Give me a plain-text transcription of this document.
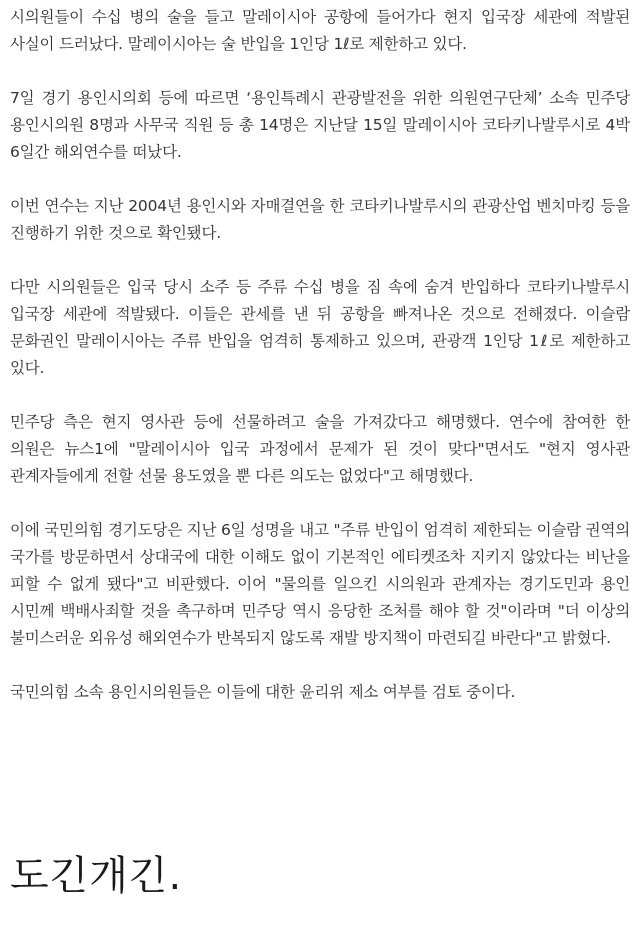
시의원들이 수십 병의 술을 들고 말레이시아 공항에 들어가다 현지 입국장 세관에 적발된 사실이 드러났다. 말레이시아는 술 반입을 1인당 1ℓ로 제한하고 있다.

7일 경기 용인시의회 등에 따르면 ‘용인특례시 관광발전을 위한 의원연구단체’ 소속 민주당 용인시의원 8명과 사무국 직원 등 총 14명은 지난달 15일 말레이시아 코타키나발루시로 4박 6일간 해외연수를 떠났다.

이번 연수는 지난 2004년 용인시와 자매결연을 한 코타키나발루시의 관광산업 벤치마킹 등을 진행하기 위한 것으로 확인됐다.

다만 시의원들은 입국 당시 소주 등 주류 수십 병을 짐 속에 숨겨 반입하다 코타키나발루시 입국장 세관에 적발됐다. 이들은 관세를 낸 뒤 공항을 빠져나온 것으로 전해졌다. 이슬람 문화권인 말레이시아는 주류 반입을 엄격히 통제하고 있으며, 관광객 1인당 1ℓ로 제한하고 있다.

민주당 측은 현지 영사관 등에 선물하려고 술을 가져갔다고 해명했다. 연수에 참여한 한 의원은 뉴스1에 "말레이시아 입국 과정에서 문제가 된 것이 맞다"면서도 "현지 영사관 관계자들에게 전할 선물 용도였을 뿐 다른 의도는 없었다"고 해명했다.

이에 국민의힘 경기도당은 지난 6일 성명을 내고 "주류 반입이 엄격히 제한되는 이슬람 권역의 국가를 방문하면서 상대국에 대한 이해도 없이 기본적인 에티켓조차 지키지 않았다는 비난을 피할 수 없게 됐다"고 비판했다. 이어 "물의를 일으킨 시의원과 관계자는 경기도민과 용인 시민께 백배사죄할 것을 촉구하며 민주당 역시 응당한 조처를 해야 할 것"이라며 "더 이상의 불미스러운 외유성 해외연수가 반복되지 않도록 재발 방지책이 마련되길 바란다"고 밝혔다.

국민의힘 소속 용인시의원들은 이들에 대한 윤리위 제소 여부를 검토 중이다.

도긴개긴.
